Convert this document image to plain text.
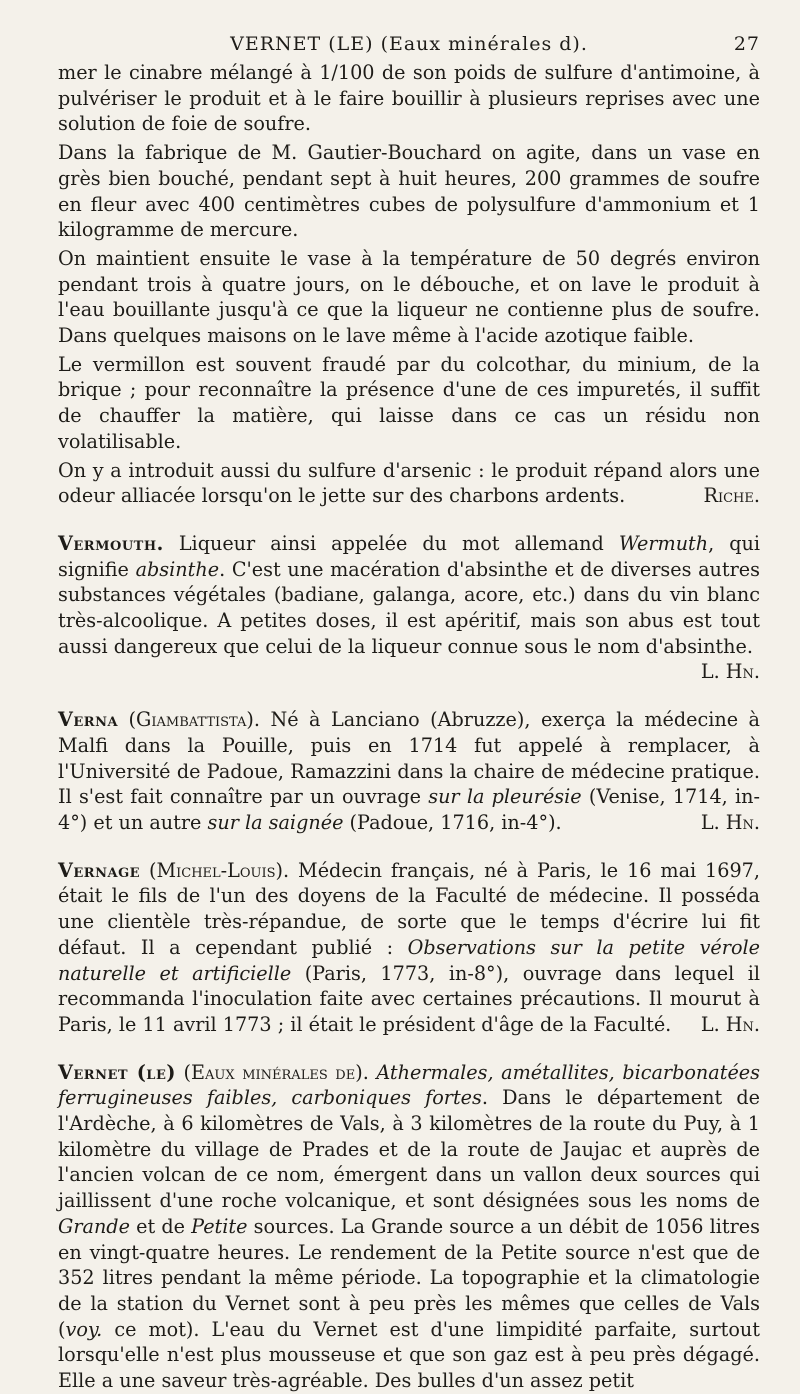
VERNET (LE) (Eaux minérales d).	27

mer le cinabre mélangé à 1/100 de son poids de sulfure d'antimoine, à pulvériser le produit et à le faire bouillir à plusieurs reprises avec une solution de foie de soufre.

Dans la fabrique de M. Gautier-Bouchard on agite, dans un vase en grès bien bouché, pendant sept à huit heures, 200 grammes de soufre en fleur avec 400 centimètres cubes de polysulfure d'ammonium et 1 kilogramme de mercure.

On maintient ensuite le vase à la température de 50 degrés environ pendant trois à quatre jours, on le débouche, et on lave le produit à l'eau bouillante jusqu'à ce que la liqueur ne contienne plus de soufre. Dans quelques maisons on le lave même à l'acide azotique faible.

Le vermillon est souvent fraudé par du colcothar, du minium, de la brique ; pour reconnaître la présence d'une de ces impuretés, il suffit de chauffer la matière, qui laisse dans ce cas un résidu non volatilisable.

On y a introduit aussi du sulfure d'arsenic : le produit répand alors une odeur alliacée lorsqu'on le jette sur des charbons ardents.	Riche.

Vermouth. Liqueur ainsi appelée du mot allemand Wermuth, qui signifie absinthe. C'est une macération d'absinthe et de diverses autres substances végétales (badiane, galanga, acore, etc.) dans du vin blanc très-alcoolique. A petites doses, il est apéritif, mais son abus est tout aussi dangereux que celui de la liqueur connue sous le nom d'absinthe.
L. Hn.

Verna (Giambattista). Né à Lanciano (Abruzze), exerça la médecine à Malfi dans la Pouille, puis en 1714 fut appelé à remplacer, à l'Université de Padoue, Ramazzini dans la chaire de médecine pratique. Il s'est fait connaître par un ouvrage sur la pleurésie (Venise, 1714, in-4°) et un autre sur la saignée (Padoue, 1716, in-4°).	L. Hn.

Vernage (Michel-Louis). Médecin français, né à Paris, le 16 mai 1697, était le fils de l'un des doyens de la Faculté de médecine. Il posséda une clientèle très-répandue, de sorte que le temps d'écrire lui fit défaut. Il a cependant publié : Observations sur la petite vérole naturelle et artificielle (Paris, 1773, in-8°), ouvrage dans lequel il recommanda l'inoculation faite avec certaines précautions. Il mourut à Paris, le 11 avril 1773 ; il était le président d'âge de la Faculté.	L. Hn.

Vernet (le) (Eaux minérales de). Athermales, amétallites, bicarbonatées ferrugineuses faibles, carboniques fortes. Dans le département de l'Ardèche, à 6 kilomètres de Vals, à 3 kilomètres de la route du Puy, à 1 kilomètre du village de Prades et de la route de Jaujac et auprès de l'ancien volcan de ce nom, émergent dans un vallon deux sources qui jaillissent d'une roche volcanique, et sont désignées sous les noms de Grande et de Petite sources. La Grande source a un débit de 1056 litres en vingt-quatre heures. Le rendement de la Petite source n'est que de 352 litres pendant la même période. La topographie et la climatologie de la station du Vernet sont à peu près les mêmes que celles de Vals (voy. ce mot). L'eau du Vernet est d'une limpidité parfaite, surtout lorsqu'elle n'est plus mousseuse et que son gaz est à peu près dégagé. Elle a une saveur très-agréable. Des bulles d'un assez petit
